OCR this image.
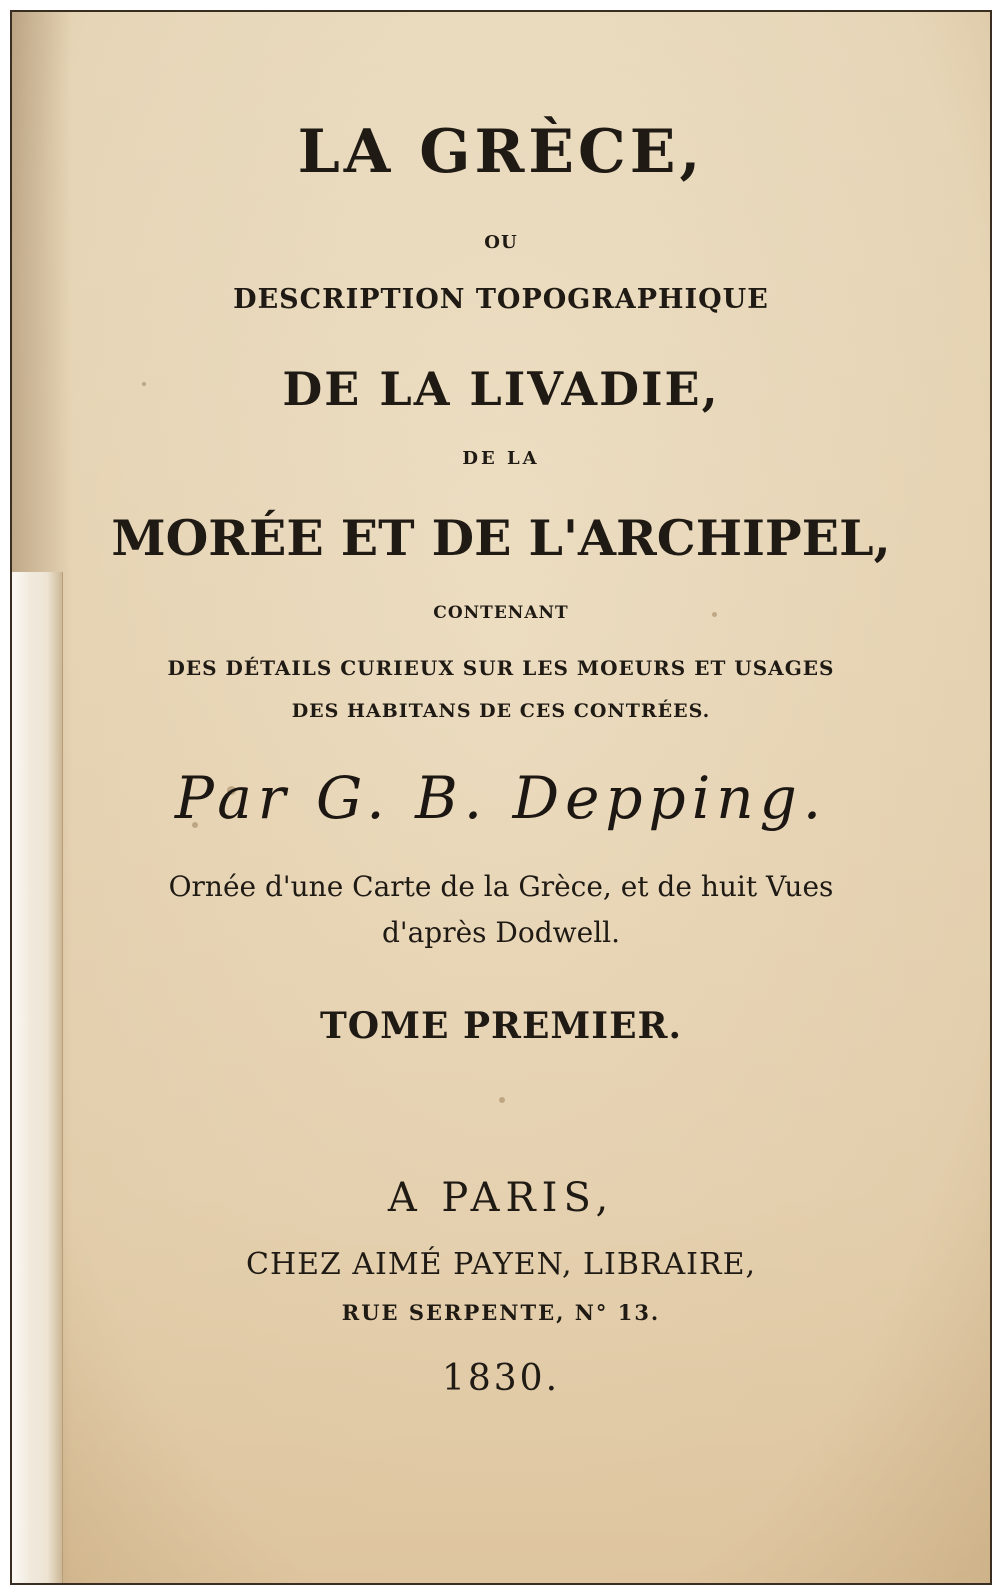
LA GRÈCE,

OU

DESCRIPTION TOPOGRAPHIQUE

DE LA LIVADIE,

DE LA

MORÉE ET DE L'ARCHIPEL,

CONTENANT

DES DÉTAILS CURIEUX SUR LES MOEURS ET USAGES

DES HABITANS DE CES CONTRÉES.

Par G. B. Depping.

Ornée d'une Carte de la Grèce, et de huit Vues

d'après Dodwell.

TOME PREMIER.

A PARIS,

CHEZ AIMÉ PAYEN, LIBRAIRE,

RUE SERPENTE, N° 13.

1830.
